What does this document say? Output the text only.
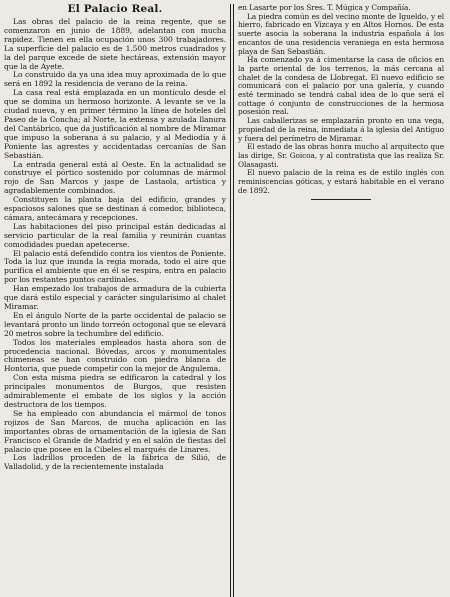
El Palacio Real.

Las obras del palacio de la reina regente, que se comenzaron en junio de 1889, adelantan con mucha rapidez. Tienen en ella ocupación unos 300 trabajadores. La superficie del palacio es de 1.500 metros cuadrados y la del parque excede de siete hectáreas, extensión mayor que la de Ayete.

Lo construido da ya una idea muy aproximada de lo que será en 1892 la residencia de verano de la reina.

La casa real está emplazada en un montículo desde el que se domina un hermoso horizonte. A levante se ve la ciudad nueva, y en primer término la línea de hoteles del Paseo de la Concha; al Norte, la extensa y azulada llanura del Cantábrico, que da justificación al nombre de Miramar que impuso la soberana á su palacio, y al Mediodía y á Poniente las agrestes y accidentadas cercanías de San Sebastián.

La entrada general está al Oeste. En la actualidad se construye el pórtico sostenido por columnas de mármol rojo de San Marcos y jaspe de Lastaola, artística y agradablemente combinados.

Constituyen la planta baja del edificio, grandes y espaciosos salones que se destinan á comedor, biblioteca, cámara, antecámara y recepciones.

Las habitaciones del piso principal están dedicadas al servicio particular de la real familia y reunirán cuantas comodidades puedan apetecerse.

El palacio está defendido contra los vientos de Poniente. Toda la luz que inunda la regia morada, todo el aire que purifica el ambiente que en él se respira, entra en palacio por los restantes puntos cardinales.

Han empezado los trabajos de armadura de la cubierta que dará estilo especial y carácter singularísimo al chalet Miramar.

En el ángulo Norte de la parte occidental de palacio se levantará pronto un lindo torreón octogonal que se elevará 20 metros sobre la techumbre del edificio.

Todos los materiales empleados hasta ahora son de procedencia nacional. Bóvedas, arcos y monumentales chimeneas se han construido con piedra blanca de Hontoria, que puede competir con la mejor de Angulema.

Con esta misma piedra se edificaron la catedral y los principales monumentos de Burgos, que resisten admirablemente el embate de los siglos y la acción destructora de los tiempos.

Se ha empleado con abundancia el mármol de tonos rojizos de San Marcos, de mucha aplicación en las importantes obras de ornamentación de la iglesia de San Francisco el Grande de Madrid y en el salón de fiestas del palacio que posee en la Cibeles el marqués de Linares.

Los ladrillos proceden de la fábrica de Silió, de Valladolid, y de la recientemente instalada

en Lasarte por los Sres. T. Múgica y Compañía.

La piedra común es del vecino monte de Igueldo, y el hierro, fabricado en Vizcaya y en Altos Hornos. De esta suerte asocia la soberana la industria española á los encantos de una residencia veraniega en esta hermosa playa de San Sebastián.

Ha comenzado ya á cimentarse la casa de oficios en la parte oriental de los terrenos, la más cercana al chalet de la condesa de Llobregat. El nuevo edificio se comunicará con el palacio por una galería, y cuando esté terminado se tendrá cabal idea de lo que será el cottage ó conjunto de construcciones de la hermosa posesión real.

Las caballerizas se emplazarán pronto en una vega, propiedad de la reina, inmediata á la iglesia del Antiguo y fuera del perímetro de Miramar.

El estado de las obras honra mucho al arquitecto que las dirige, Sr. Goicoa, y al contratista que las realiza Sr. Olasagasti.

El nuevo palacio de la reina es de estilo inglés con reminiscencias góticas, y estará habitable en el verano de 1892.
